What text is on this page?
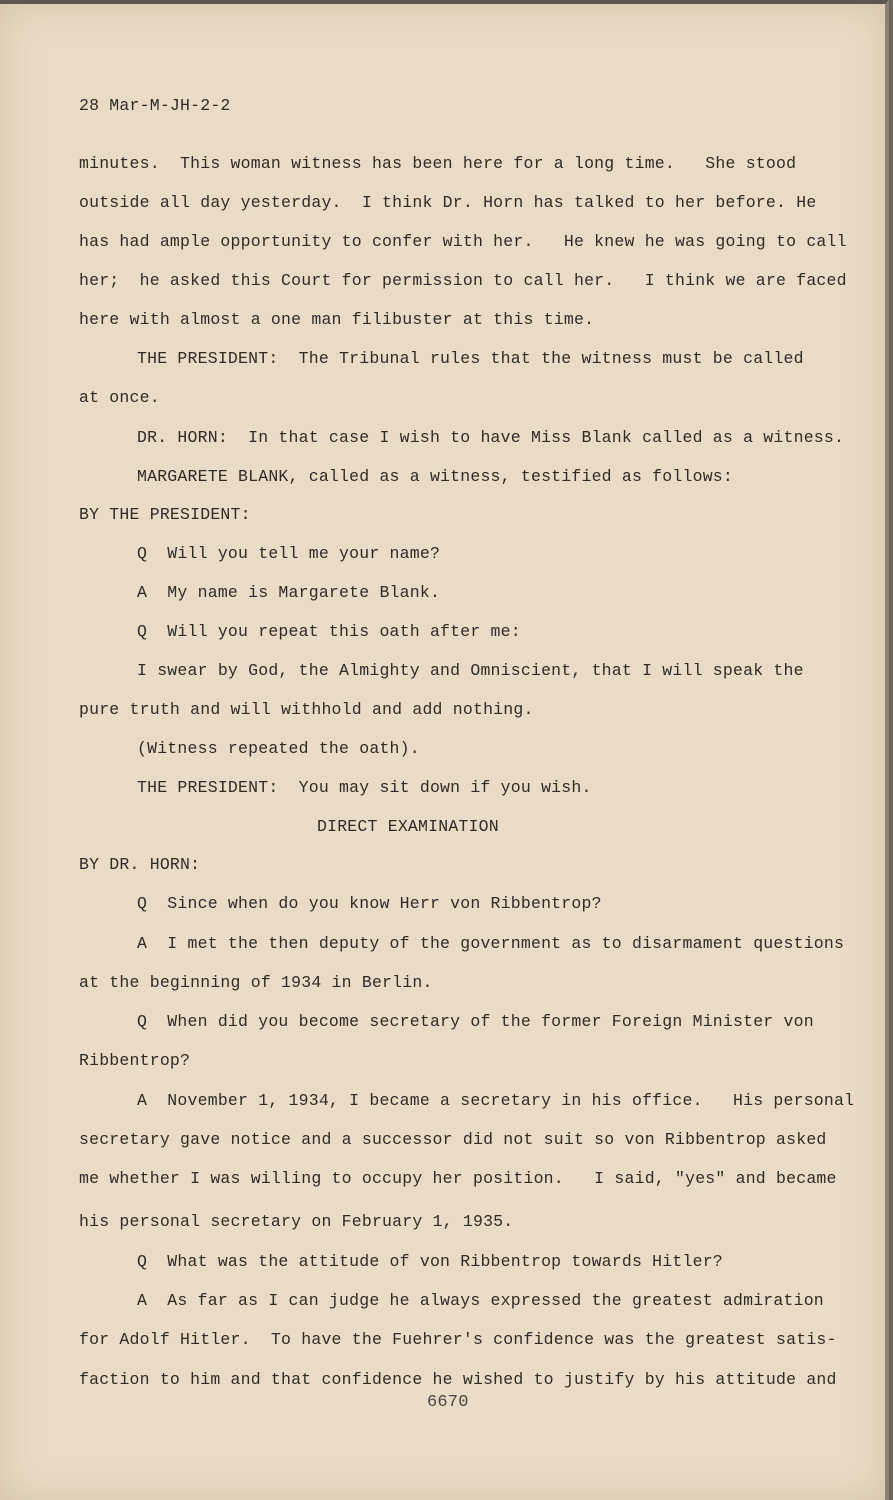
28 Mar-M-JH-2-2
minutes.  This woman witness has been here for a long time.   She stood
outside all day yesterday.  I think Dr. Horn has talked to her before. He
has had ample opportunity to confer with her.   He knew he was going to call
her;  he asked this Court for permission to call her.   I think we are faced
here with almost a one man filibuster at this time.
THE PRESIDENT:  The Tribunal rules that the witness must be called
at once.
DR. HORN:  In that case I wish to have Miss Blank called as a witness.
MARGARETE BLANK, called as a witness, testified as follows:
BY THE PRESIDENT:
Q  Will you tell me your name?
A  My name is Margarete Blank.
Q  Will you repeat this oath after me:
I swear by God, the Almighty and Omniscient, that I will speak the
pure truth and will withhold and add nothing.
(Witness repeated the oath).
THE PRESIDENT:  You may sit down if you wish.
DIRECT EXAMINATION
BY DR. HORN:
Q  Since when do you know Herr von Ribbentrop?
A  I met the then deputy of the government as to disarmament questions
at the beginning of 1934 in Berlin.
Q  When did you become secretary of the former Foreign Minister von
Ribbentrop?
A  November 1, 1934, I became a secretary in his office.   His personal
secretary gave notice and a successor did not suit so von Ribbentrop asked
me whether I was willing to occupy her position.   I said, "yes" and became
his personal secretary on February 1, 1935.
Q  What was the attitude of von Ribbentrop towards Hitler?
A  As far as I can judge he always expressed the greatest admiration
for Adolf Hitler.  To have the Fuehrer's confidence was the greatest satis-
faction to him and that confidence he wished to justify by his attitude and
6670
